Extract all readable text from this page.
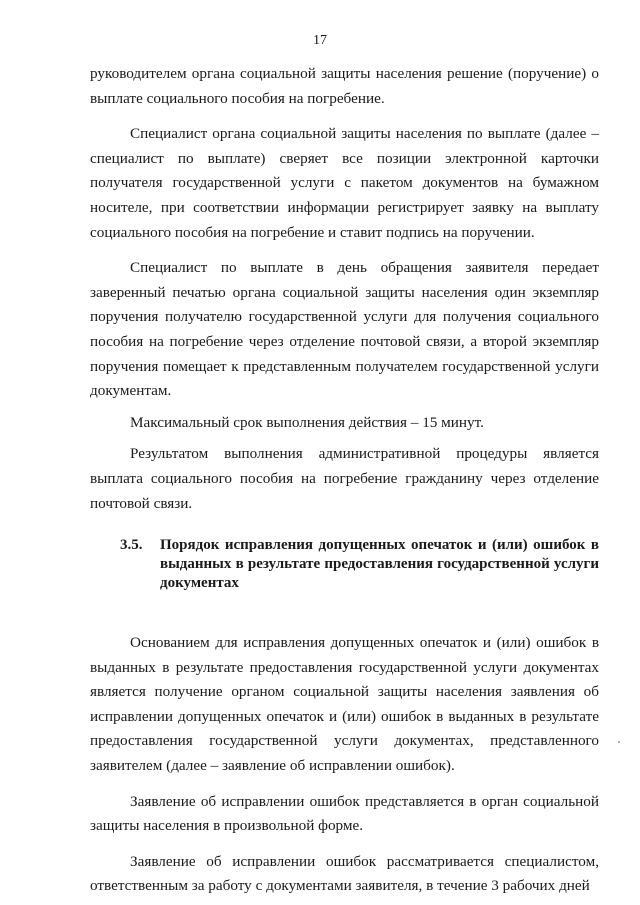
17

руководителем органа социальной защиты населения решение (поручение) о выплате социального пособия на погребение.

Специалист органа социальной защиты населения по выплате (далее – специалист по выплате) сверяет все позиции электронной карточки получателя государственной услуги с пакетом документов на бумажном носителе, при соответствии информации регистрирует заявку на выплату социального пособия на погребение и ставит подпись на поручении.

Специалист по выплате в день обращения заявителя передает заверенный печатью органа социальной защиты населения один экземпляр поручения получателю государственной услуги для получения социального пособия на погребение через отделение почтовой связи, а второй экземпляр поручения помещает к представленным получателем государственной услуги документам.

Максимальный срок выполнения действия – 15 минут.

Результатом выполнения административной процедуры является выплата социального пособия на погребение гражданину через отделение почтовой связи.

3.5. Порядок исправления допущенных опечаток и (или) ошибок в выданных в результате предоставления государственной услуги документах

Основанием для исправления допущенных опечаток и (или) ошибок в выданных в результате предоставления государственной услуги документах является получение органом социальной защиты населения заявления об исправлении допущенных опечаток и (или) ошибок в выданных в результате предоставления государственной услуги документах, представленного заявителем (далее – заявление об исправлении ошибок).

Заявление об исправлении ошибок представляется в орган социальной защиты населения в произвольной форме.

Заявление об исправлении ошибок рассматривается специалистом, ответственным за работу с документами заявителя, в течение 3 рабочих дней
